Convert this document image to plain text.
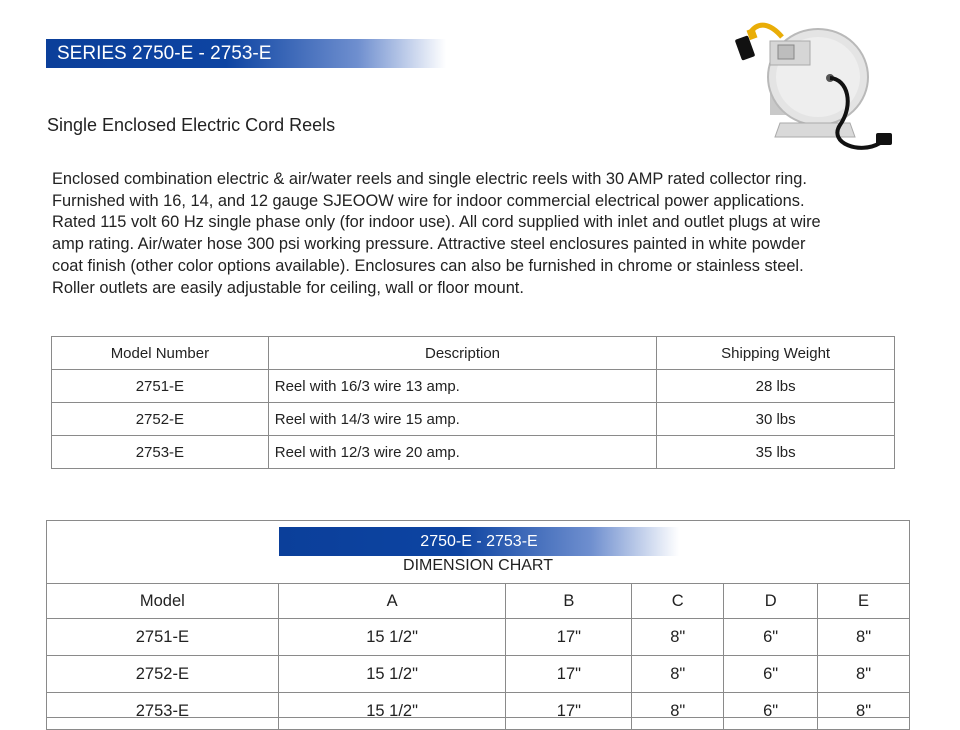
SERIES 2750-E - 2753-E
Single Enclosed Electric Cord Reels
Enclosed combination electric & air/water reels and single electric reels with 30 AMP rated collector ring.
Furnished with 16, 14, and 12 gauge SJEOOW wire for indoor commercial electrical power applications.
Rated 115 volt 60 Hz single phase only (for indoor use). All cord supplied with inlet and outlet plugs at wire
amp rating. Air/water hose 300 psi working pressure. Attractive steel enclosures painted in white powder
coat finish (other color options available). Enclosures can also be furnished in chrome or stainless steel.
Roller outlets are easily adjustable for ceiling, wall or floor mount.
Model Number	Description	Shipping Weight
2751-E	Reel with 16/3 wire 13 amp.	28 lbs
2752-E	Reel with 14/3 wire 15 amp.	30 lbs
2753-E	Reel with 12/3 wire 20 amp.	35 lbs
2750-E - 2753-E
DIMENSION CHART
Model	A	B	C	D	E
2751-E	15 1/2"	17"	8"	6"	8"
2752-E	15 1/2"	17"	8"	6"	8"
2753-E	15 1/2"	17"	8"	6"	8"
